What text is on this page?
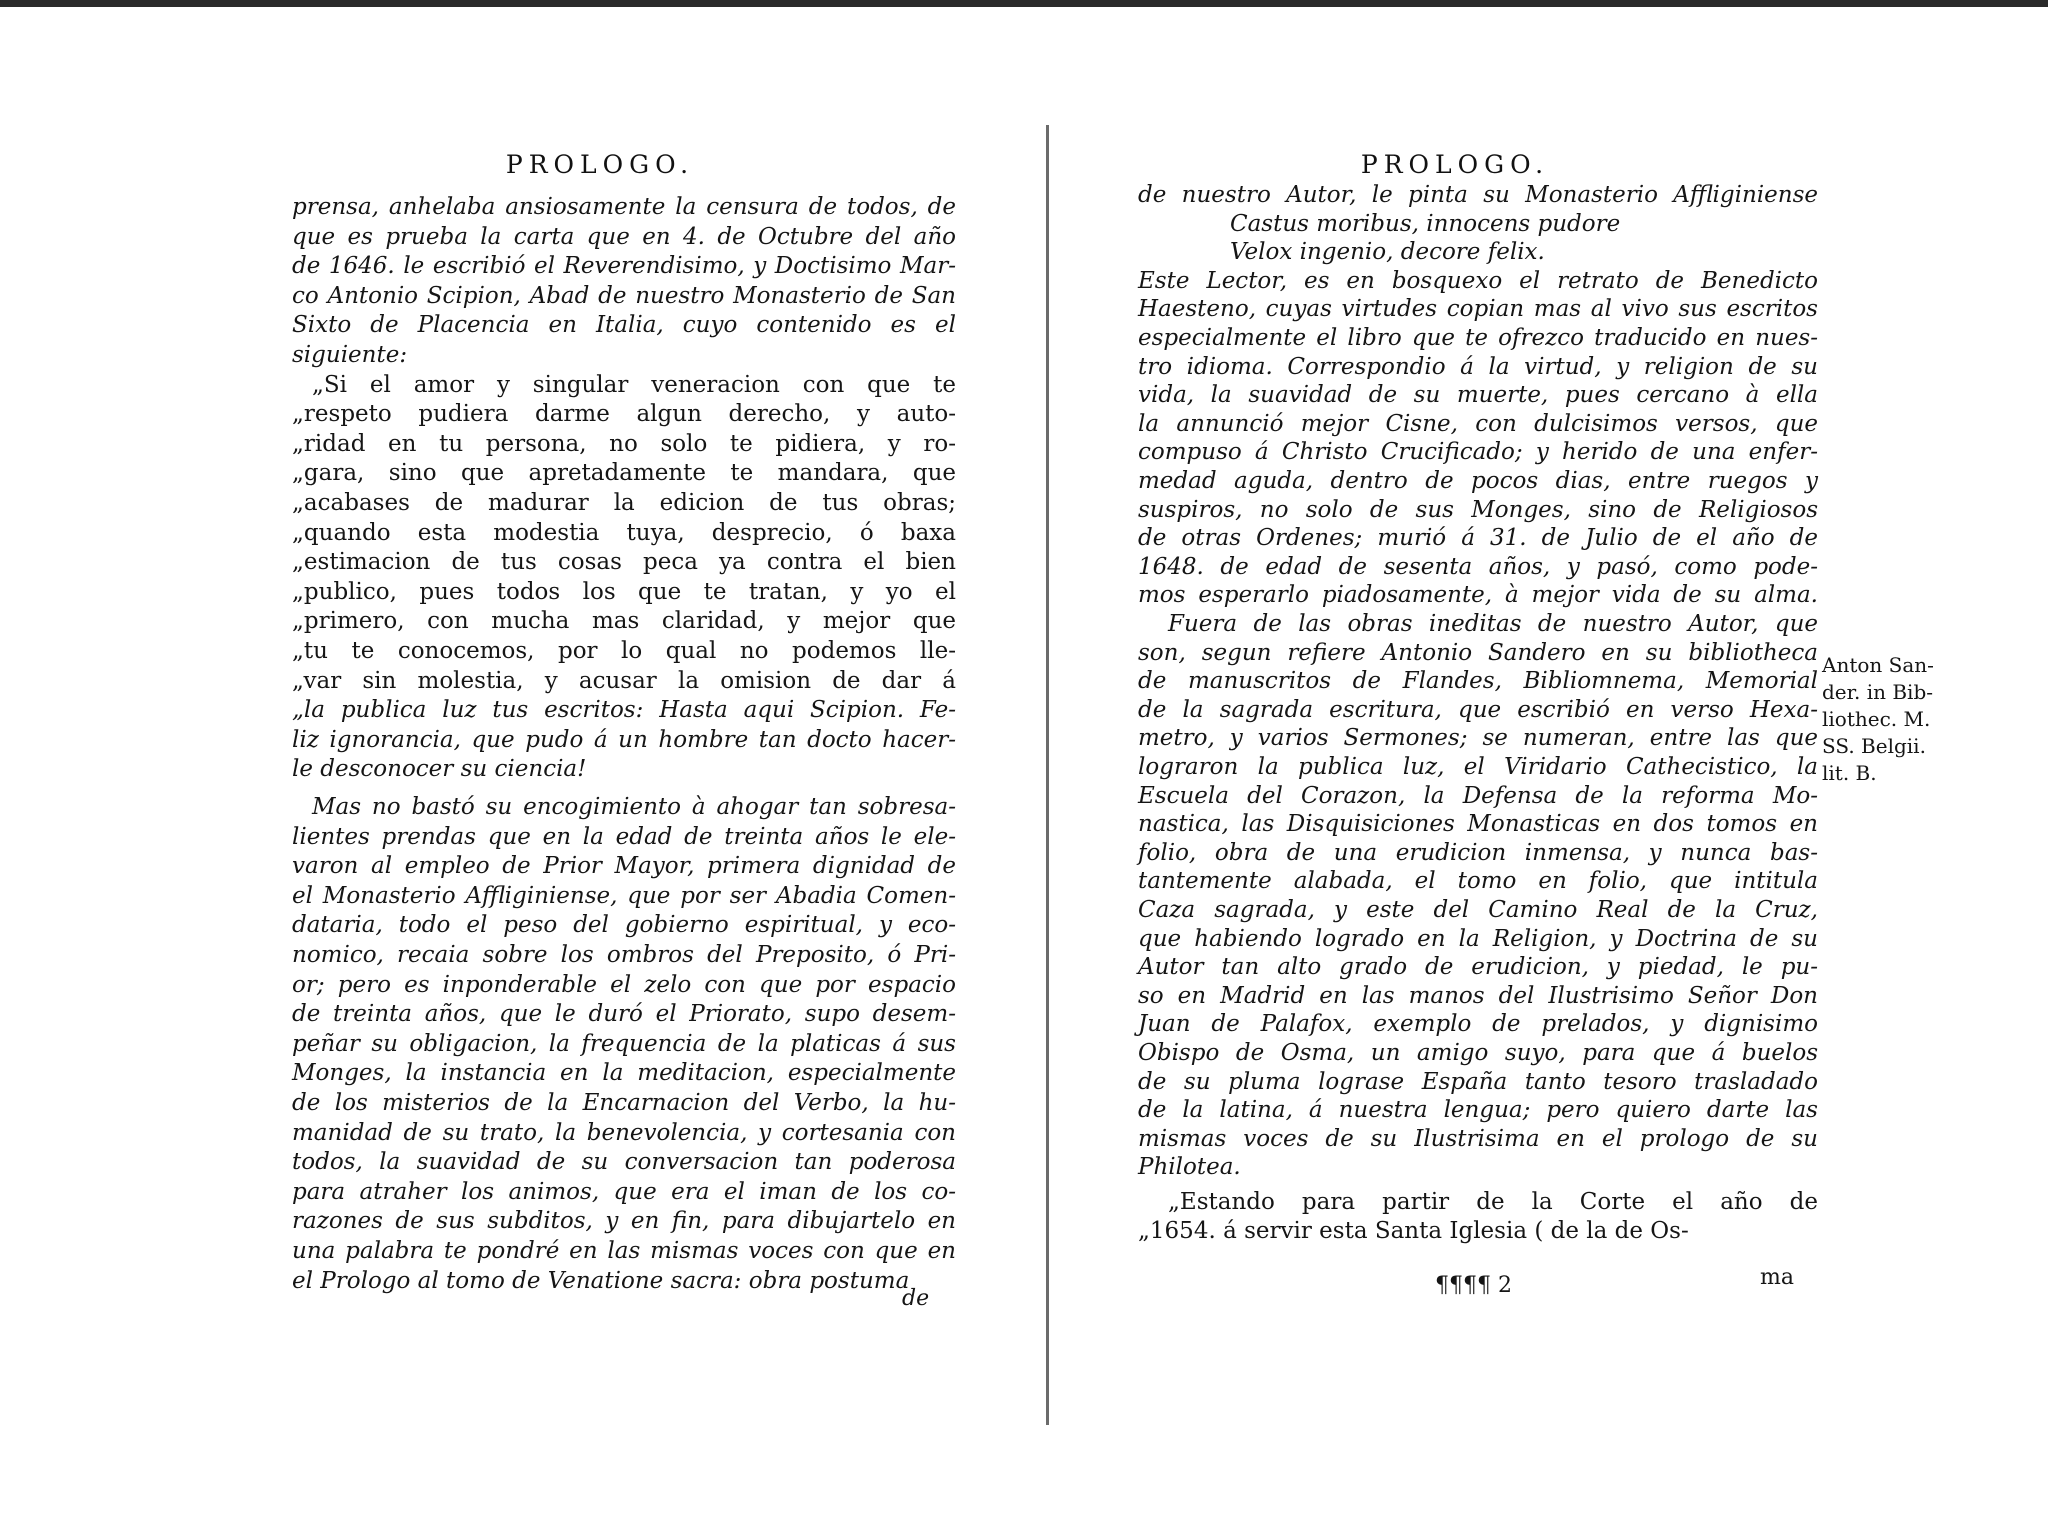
PROLOGO.
prensa, anhelaba ansiosamente la censura de todos, de
que es prueba la carta que en 4. de Octubre del año
de 1646. le escribió el Reverendisimo, y Doctisimo Mar-
co Antonio Scipion, Abad de nuestro Monasterio de San
Sixto de Placencia en Italia, cuyo contenido es el
siguiente:
„Si el amor y singular veneracion con que te
„respeto pudiera darme algun derecho, y auto-
„ridad en tu persona, no solo te pidiera, y ro-
„gara, sino que apretadamente te mandara, que
„acabases de madurar la edicion de tus obras;
„quando esta modestia tuya, desprecio, ó baxa
„estimacion de tus cosas peca ya contra el bien
„publico, pues todos los que te tratan, y yo el
„primero, con mucha mas claridad, y mejor que
„tu te conocemos, por lo qual no podemos lle-
„var sin molestia, y acusar la omision de dar á
„la publica luz tus escritos: Hasta aqui Scipion. Fe-
liz ignorancia, que pudo á un hombre tan docto hacer-
le desconocer su ciencia!
Mas no bastó su encogimiento à ahogar tan sobresa-
lientes prendas que en la edad de treinta años le ele-
varon al empleo de Prior Mayor, primera dignidad de
el Monasterio Affliginiense, que por ser Abadia Comen-
dataria, todo el peso del gobierno espiritual, y eco-
nomico, recaia sobre los ombros del Preposito, ó Pri-
or; pero es inponderable el zelo con que por espacio
de treinta años, que le duró el Priorato, supo desem-
peñar su obligacion, la frequencia de la platicas á sus
Monges, la instancia en la meditacion, especialmente
de los misterios de la Encarnacion del Verbo, la hu-
manidad de su trato, la benevolencia, y cortesania con
todos, la suavidad de su conversacion tan poderosa
para atraher los animos, que era el iman de los co-
razones de sus subditos, y en fin, para dibujartelo en
una palabra te pondré en las mismas voces con que en
el Prologo al tomo de Venatione sacra: obra postuma
de
PROLOGO.
de nuestro Autor, le pinta su Monasterio Affliginiense
Castus moribus, innocens pudore
Velox ingenio, decore felix.
Este Lector, es en bosquexo el retrato de Benedicto
Haesteno, cuyas virtudes copian mas al vivo sus escritos
especialmente el libro que te ofrezco traducido en nues-
tro idioma. Correspondio á la virtud, y religion de su
vida, la suavidad de su muerte, pues cercano à ella
la annunció mejor Cisne, con dulcisimos versos, que
compuso á Christo Crucificado; y herido de una enfer-
medad aguda, dentro de pocos dias, entre ruegos y
suspiros, no solo de sus Monges, sino de Religiosos
de otras Ordenes; murió á 31. de Julio de el año de
1648. de edad de sesenta años, y pasó, como pode-
mos esperarlo piadosamente, à mejor vida de su alma.
Fuera de las obras ineditas de nuestro Autor, que
son, segun refiere Antonio Sandero en su bibliotheca
de manuscritos de Flandes, Bibliomnema, Memorial
de la sagrada escritura, que escribió en verso Hexa-
metro, y varios Sermones; se numeran, entre las que
lograron la publica luz, el Viridario Cathecistico, la
Escuela del Corazon, la Defensa de la reforma Mo-
nastica, las Disquisiciones Monasticas en dos tomos en
folio, obra de una erudicion inmensa, y nunca bas-
tantemente alabada, el tomo en folio, que intitula
Caza sagrada, y este del Camino Real de la Cruz,
que habiendo logrado en la Religion, y Doctrina de su
Autor tan alto grado de erudicion, y piedad, le pu-
so en Madrid en las manos del Ilustrisimo Señor Don
Juan de Palafox, exemplo de prelados, y dignisimo
Obispo de Osma, un amigo suyo, para que á buelos
de su pluma lograse España tanto tesoro trasladado
de la latina, á nuestra lengua; pero quiero darte las
mismas voces de su Ilustrisima en el prologo de su
Philotea.
„Estando para partir de la Corte el año de
„1654. á servir esta Santa Iglesia ( de la de Os-
Anton San-
der. in Bib-
liothec. M.
SS. Belgii.
lit. B.
ma
¶¶¶¶ 2
